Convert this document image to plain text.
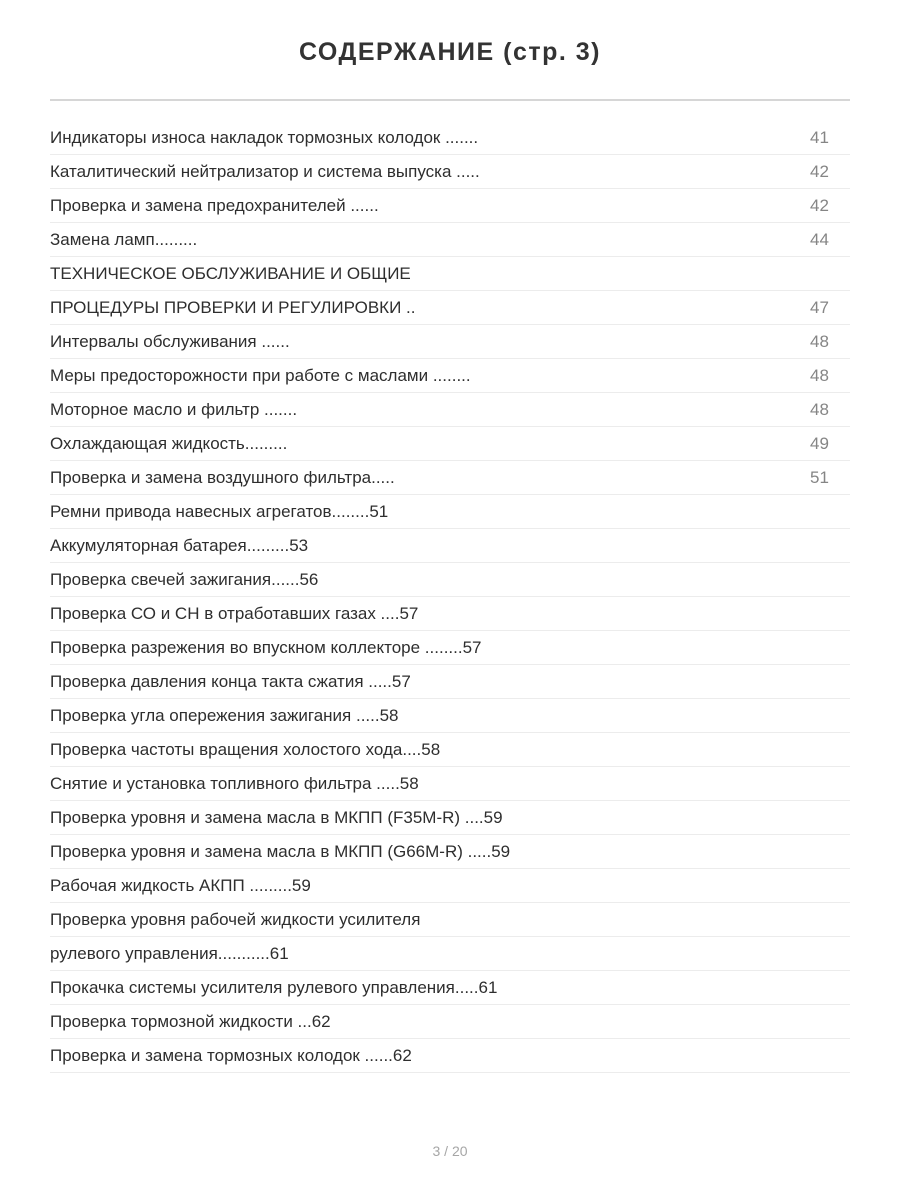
СОДЕРЖАНИЕ (стр. 3)
Индикаторы износа накладок тормозных колодок .......	41
Каталитический нейтрализатор и система выпуска .....	42
Проверка и замена предохранителей ......	42
Замена ламп.........	44
ТЕХНИЧЕСКОЕ ОБСЛУЖИВАНИЕ И ОБЩИЕ
ПРОЦЕДУРЫ ПРОВЕРКИ И РЕГУЛИРОВКИ ..	47
Интервалы обслуживания ......	48
Меры предосторожности при работе с маслами ........	48
Моторное масло и фильтр .......	48
Охлаждающая жидкость.........	49
Проверка и замена воздушного фильтра.....	51
Ремни привода навесных агрегатов........51
Аккумуляторная батарея.........53
Проверка свечей зажигания......56
Проверка СО и СН в отработавших газах ....57
Проверка разрежения во впускном коллекторе ........57
Проверка давления конца такта сжатия .....57
Проверка угла опережения зажигания .....58
Проверка частоты вращения холостого хода....58
Снятие и установка топливного фильтра .....58
Проверка уровня и замена масла в МКПП (F35M-R) ....59
Проверка уровня и замена масла в МКПП (G66M-R) .....59
Рабочая жидкость АКПП .........59
Проверка уровня рабочей жидкости усилителя
рулевого управления...........61
Прокачка системы усилителя рулевого управления.....61
Проверка тормозной жидкости ...62
Проверка и замена тормозных колодок ......62
3 / 20
